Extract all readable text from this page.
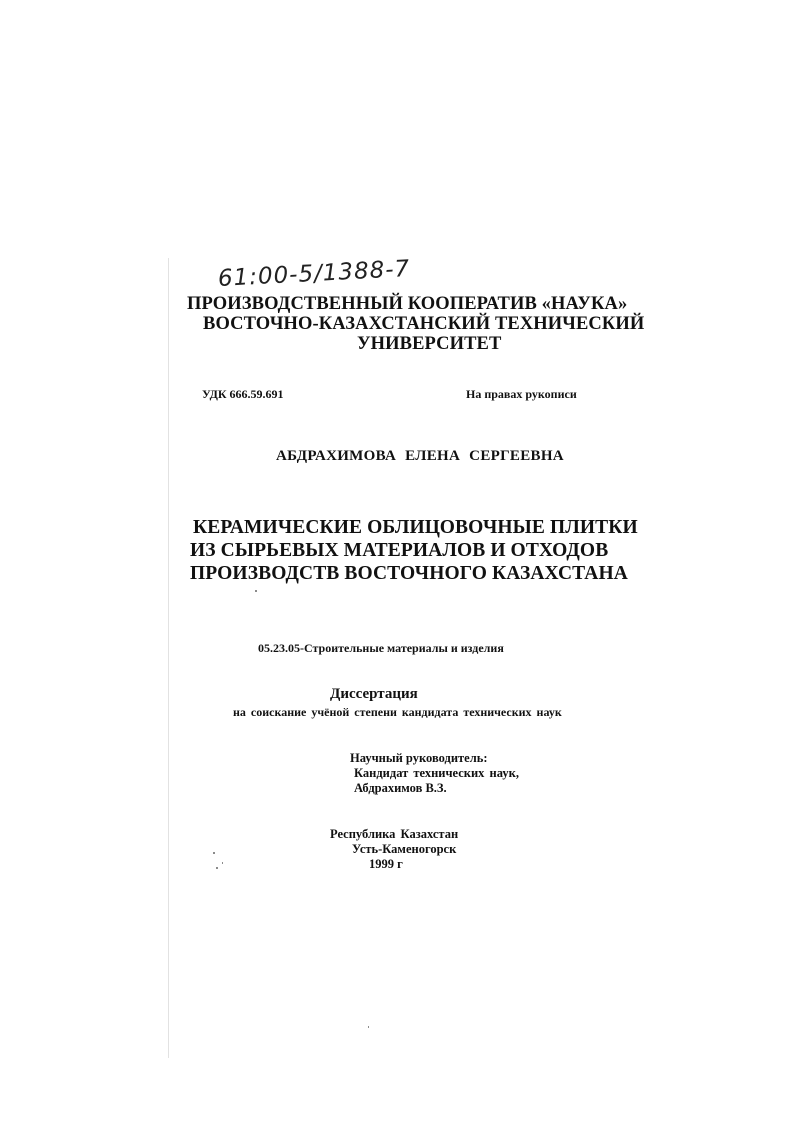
61:00-5/1388-7
ПРОИЗВОДСТВЕННЫЙ КООПЕРАТИВ «НАУКА»
ВОСТОЧНО-КАЗАХСТАНСКИЙ ТЕХНИЧЕСКИЙ
УНИВЕРСИТЕТ
УДК 666.59.691	На правах рукописи
АБДРАХИМОВА ЕЛЕНА СЕРГЕЕВНА
КЕРАМИЧЕСКИЕ ОБЛИЦОВОЧНЫЕ ПЛИТКИ
ИЗ СЫРЬЕВЫХ МАТЕРИАЛОВ И ОТХОДОВ
ПРОИЗВОДСТВ ВОСТОЧНОГО КАЗАХСТАНА
05.23.05-Строительные материалы и изделия
Диссертация
на соискание учёной степени кандидата технических наук
Научный руководитель:
Кандидат технических наук,
Абдрахимов В.З.
Республика Казахстан
Усть-Каменогорск
1999 г
